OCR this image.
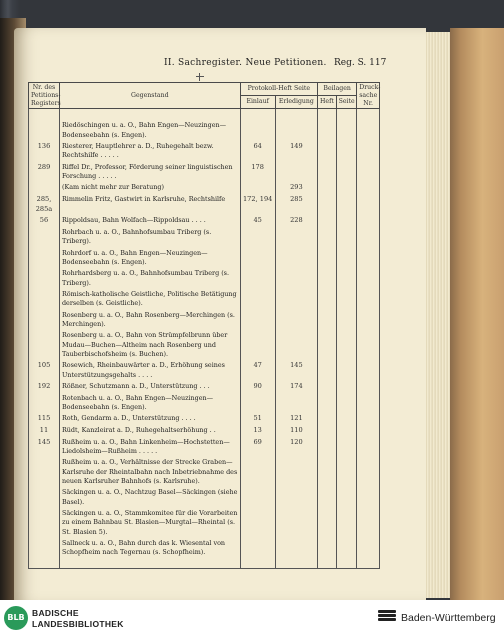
II. Sachregister. Neue Petitionen. Reg. S. 117
Nr. des Petitions-Registers	Gegenstand	Protokoll-Heft Seite		Beilagen		Druck-sache Nr.
		Einlauf	Erledigung	Heft	Seite	
	Riedöschingen u. a. O., Bahn Engen—Neuzingen—Bodenseebahn (s. Engen).					
136	Riesterer, Hauptlehrer a. D., Ruhegehalt bezw. Rechtshilfe . . . . .	64	149			
289	Riffel Dr., Professor, Förderung seiner linguistischen Forschung . . . . .	178				
	(Kam nicht mehr zur Beratung)		293			
285, 285a	Rimmelin Fritz, Gastwirt in Karlsruhe, Rechtshilfe	172, 194	285			
56	Rippoldsau, Bahn Wolfach—Rippoldsau . . . .	45	228			
	Rohrbach u. a. O., Bahnhofsumbau Triberg (s. Triberg).					
	Rohrdorf u. a. O., Bahn Engen—Neuzingen—Bodenseebahn (s. Engen).					
	Rohrhardsberg u. a. O., Bahnhofsumbau Triberg (s. Triberg).					
	Römisch-katholische Geistliche, Politische Betätigung derselben (s. Geistliche).					
	Rosenberg u. a. O., Bahn Rosenberg—Merchingen (s. Merchingen).					
	Rosenberg u. a. O., Bahn von Strümpfelbrunn über Mudau—Buchen—Altheim nach Rosenberg und Tauberbischofsheim (s. Buchen).					
105	Rosewich, Rheinbauwärter a. D., Erhöhung seines Unterstützungsgehalts . . . .	47	145			
192	Rößner, Schutzmann a. D., Unterstützung . . .	90	174			
	Rotenbach u. a. O., Bahn Engen—Neuzingen—Bodenseebahn (s. Engen).					
115	Roth, Gendarm a. D., Unterstützung . . . .	51	121			
11	Rüdt, Kanzleirat a. D., Ruhegehaltserhöhung . .	13	110			
145	Rußheim u. a. O., Bahn Linkenheim—Hochstetten—Liedolsheim—Rußheim . . . . .	69	120			
	Rußheim u. a. O., Verhältnisse der Strecke Graben—Karlsruhe der Rheintalbahn nach Inbetriebnahme des neuen Karlsruher Bahnhofs (s. Karlsruhe).					
	Säckingen u. a. O., Nachtzug Basel—Säckingen (siehe Basel).					
	Säckingen u. a. O., Stammkomitee für die Vorarbeiten zu einem Bahnbau St. Blasien—Murgtal—Rheintal (s. St. Blasien 5).					
	Sallneck u. a. O., Bahn durch das k. Wiesental von Schopfheim nach Tegernau (s. Schopfheim).					
BLB BADISCHE
LANDESBIBLIOTHEK	Baden-Württemberg
